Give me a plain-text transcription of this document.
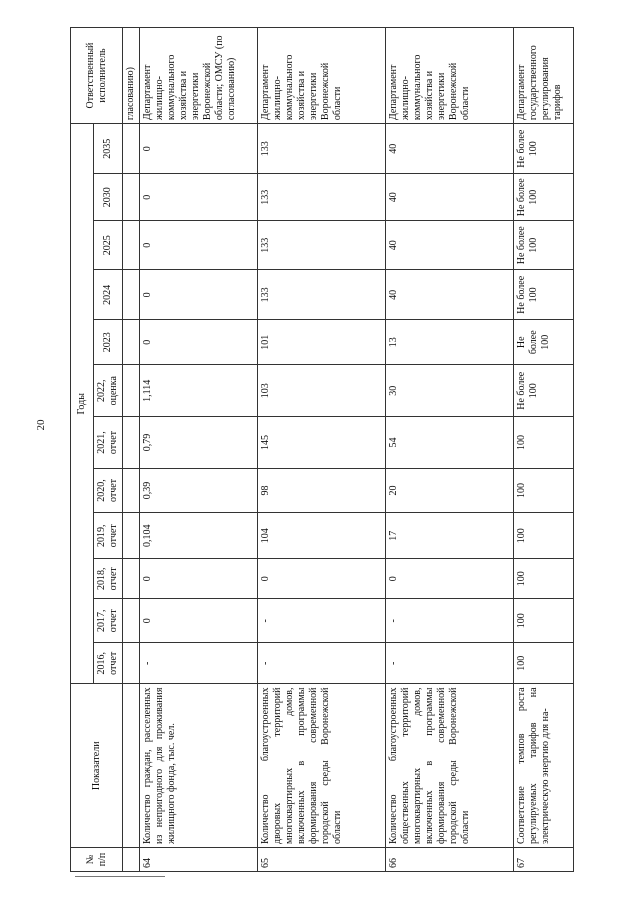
20
№ п/п	Показатели	Годы												Ответственный исполнитель
		2016, отчет	2017, отчет	2018, отчет	2019, отчет	2020, отчет	2021, отчет	2022, оценка	2023	2024	2025	2030	2035	
														гласованию)
64	Количество граждан, расселенных из непригодного для проживания жилищного фонда, тыс. чел.	-	0	0	0,104	0,39	0,79	1,114	0	0	0	0	0	Департамент жилищно-коммунального хозяйства и энергетики Воронежской области; ОМСУ (по согласованию)
65	Количество благоустроенных дворовых территорий многоквартирных домов, включенных в программы формирования современной городской среды Воронежской области	-	-	0	104	98	145	103	101	133	133	133	133	Департамент жилищно-коммунального хозяйства и энергетики Воронежской области
66	Количество благоустроенных общественных территорий многоквартирных домов, включенных в программы формирования современной городской среды Воронежской области	-	-	0	17	20	54	30	13	40	40	40	40	Департамент жилищно-коммунального хозяйства и энергетики Воронежской области
67	Соответствие темпов роста регулируемых тарифов на электрическую энергию для на-	100	100	100	100	100	100	Не более 100	Не более 100	Не более 100	Не более 100	Не более 100	Не более 100	Департамент государственного регулирования тарифов
